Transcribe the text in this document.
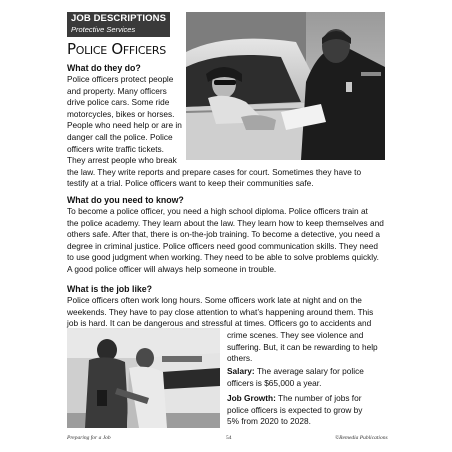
JOB DESCRIPTIONS
Protective Services
Police Officers
What do they do?
Police officers protect people
and property. Many officers
drive police cars. Some ride
motorcycles, bikes or horses.
People who need help or are in
danger call the police. Police
officers write traffic tickets.
They arrest people who break
the law. They write reports and prepare cases for court. Sometimes they have to
testify at a trial. Police officers want to keep their communities safe.
What do you need to know?
To become a police officer, you need a high school diploma. Police officers train at
the police academy. They learn about the law. They learn how to keep themselves and
others safe. After that, there is on-the-job training. To become a detective, you need a
degree in criminal justice. Police officers need good communication skills. They need
to use good judgment when working. They need to be able to solve problems quickly.
A good police officer will always help someone in trouble.
What is the job like?
Police officers often work long hours. Some officers work late at night and on the
weekends. They have to pay close attention to what’s happening around them. This
job is hard. It can be dangerous and stressful at times. Officers go to accidents and
crime scenes. They see violence and
suffering. But, it can be rewarding to help
others.
Salary: The average salary for police
officers is $65,000 a year.
Job Growth: The number of jobs for
police officers is expected to grow by
5% from 2020 to 2028.
Preparing for a Job	54	©Remedia Publications
